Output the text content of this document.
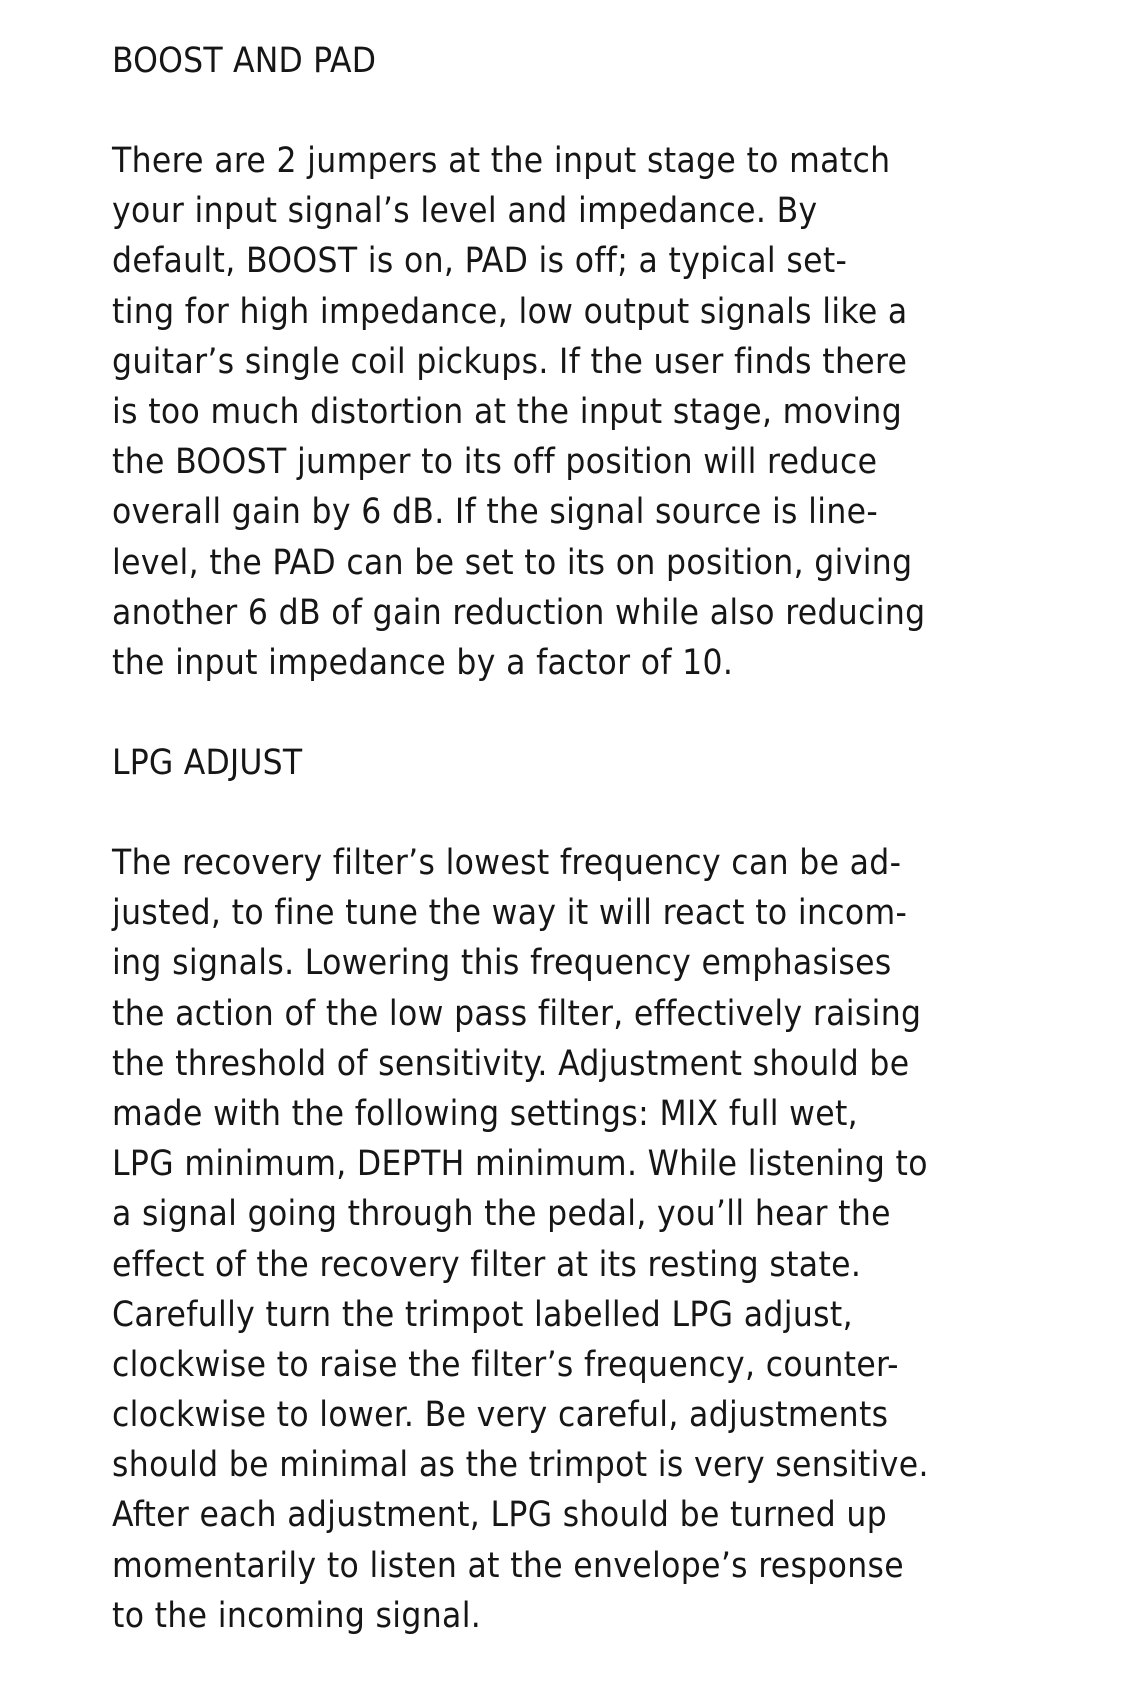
BOOST AND PAD
There are 2 jumpers at the input stage to match
your input signal’s level and impedance. By
default, BOOST is on, PAD is off; a typical set-
ting for high impedance, low output signals like a
guitar’s single coil pickups. If the user finds there
is too much distortion at the input stage, moving
the BOOST jumper to its off position will reduce
overall gain by 6 dB. If the signal source is line-
level, the PAD can be set to its on position, giving
another 6 dB of gain reduction while also reducing
the input impedance by a factor of 10.
LPG ADJUST
The recovery filter’s lowest frequency can be ad-
justed, to fine tune the way it will react to incom-
ing signals. Lowering this frequency emphasises
the action of the low pass filter, effectively raising
the threshold of sensitivity. Adjustment should be
made with the following settings: MIX full wet,
LPG minimum, DEPTH minimum. While listening to
a signal going through the pedal, you’ll hear the
effect of the recovery filter at its resting state.
Carefully turn the trimpot labelled LPG adjust,
clockwise to raise the filter’s frequency, counter-
clockwise to lower. Be very careful, adjustments
should be minimal as the trimpot is very sensitive.
After each adjustment, LPG should be turned up
momentarily to listen at the envelope’s response
to the incoming signal.
